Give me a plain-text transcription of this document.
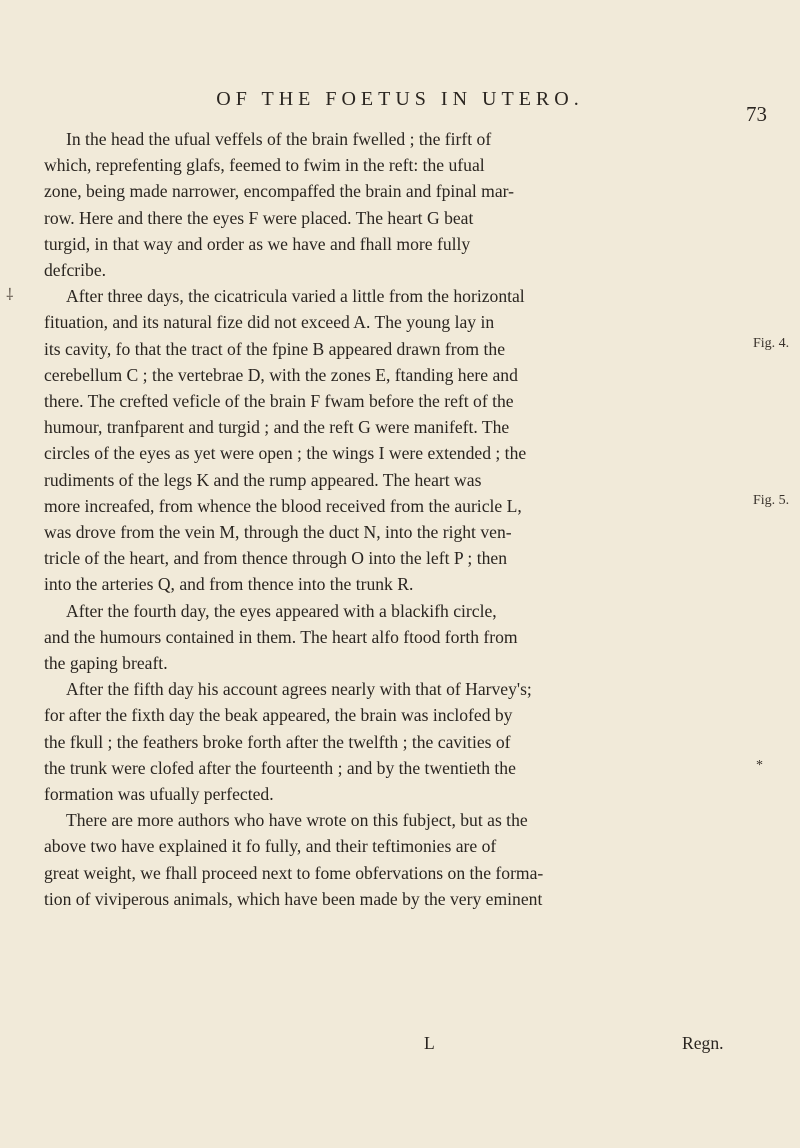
OF THE FOETUS IN UTERO.
73
⸸

In the head the ufual veffels of the brain fwelled ; the firft of
which, reprefenting glafs, feemed to fwim in the reft: the ufual
zone, being made narrower, encompaffed the brain and fpinal mar-
row. Here and there the eyes F were placed. The heart G beat
turgid, in that way and order as we have and fhall more fully
defcribe.

After three days, the cicatricula varied a little from the horizontal
fituation, and its natural fize did not exceed A. The young lay in
its cavity, fo that the tract of the fpine B appeared drawn from the
cerebellum C ; the vertebrae D, with the zones E, ftanding here and
there. The crefted veficle of the brain F fwam before the reft of the
humour, tranfparent and turgid ; and the reft G were manifeft. The
circles of the eyes as yet were open ; the wings I were extended ; the
rudiments of the legs K and the rump appeared. The heart was
more increafed, from whence the blood received from the auricle L,
was drove from the vein M, through the duct N, into the right ven-
tricle of the heart, and from thence through O into the left P ; then
into the arteries Q, and from thence into the trunk R.

After the fourth day, the eyes appeared with a blackifh circle,
and the humours contained in them. The heart alfo ftood forth from
the gaping breaft.

After the fifth day his account agrees nearly with that of Harvey's;
for after the fixth day the beak appeared, the brain was inclofed by
the fkull ; the feathers broke forth after the twelfth ; the cavities of
the trunk were clofed after the fourteenth ; and by the twentieth the
formation was ufually perfected.

There are more authors who have wrote on this fubject, but as the
above two have explained it fo fully, and their teftimonies are of
great weight, we fhall proceed next to fome obfervations on the forma-
tion of viviperous animals, which have been made by the very eminent

Fig. 4.
Fig. 5.
*
L	Regn.
